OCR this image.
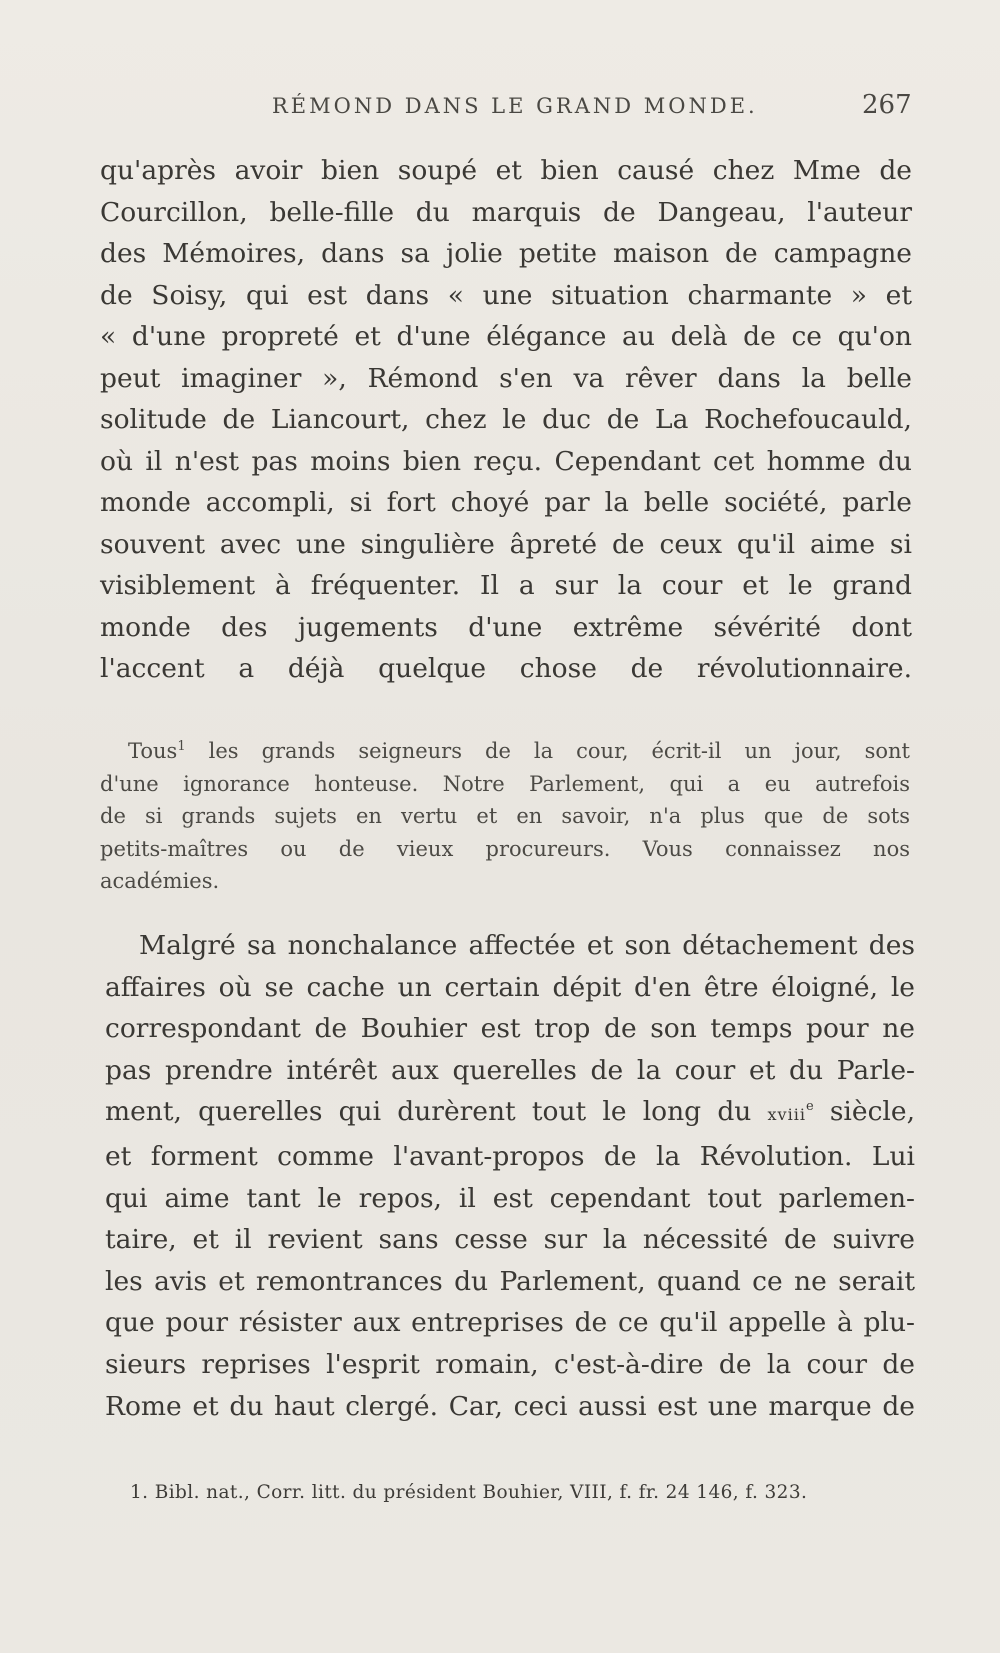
RÉMOND DANS LE GRAND MONDE.	267
qu'après avoir bien soupé et bien causé chez Mme de
Courcillon, belle-fille du marquis de Dangeau, l'auteur
des Mémoires, dans sa jolie petite maison de campagne
de Soisy, qui est dans « une situation charmante » et
« d'une propreté et d'une élégance au delà de ce qu'on
peut imaginer », Rémond s'en va rêver dans la belle
solitude de Liancourt, chez le duc de La Rochefoucauld,
où il n'est pas moins bien reçu. Cependant cet homme du
monde accompli, si fort choyé par la belle société, parle
souvent avec une singulière âpreté de ceux qu'il aime si
visiblement à fréquenter. Il a sur la cour et le grand
monde des jugements d'une extrême sévérité dont
l'accent a déjà quelque chose de révolutionnaire.
Tous$^1$ les grands seigneurs de la cour, écrit-il un jour, sont
d'une ignorance honteuse. Notre Parlement, qui a eu autrefois
de si grands sujets en vertu et en savoir, n'a plus que de sots
petits-maîtres ou de vieux procureurs. Vous connaissez nos
académies.
Malgré sa nonchalance affectée et son détachement des
affaires où se cache un certain dépit d'en être éloigné, le
correspondant de Bouhier est trop de son temps pour ne
pas prendre intérêt aux querelles de la cour et du Parle-
ment, querelles qui durèrent tout le long du xviii$^e$ siècle,
et forment comme l'avant-propos de la Révolution. Lui
qui aime tant le repos, il est cependant tout parlemen-
taire, et il revient sans cesse sur la nécessité de suivre
les avis et remontrances du Parlement, quand ce ne serait
que pour résister aux entreprises de ce qu'il appelle à plu-
sieurs reprises l'esprit romain, c'est-à-dire de la cour de
Rome et du haut clergé. Car, ceci aussi est une marque de
1. Bibl. nat., Corr. litt. du président Bouhier, VIII, f. fr. 24 146, f. 323.
